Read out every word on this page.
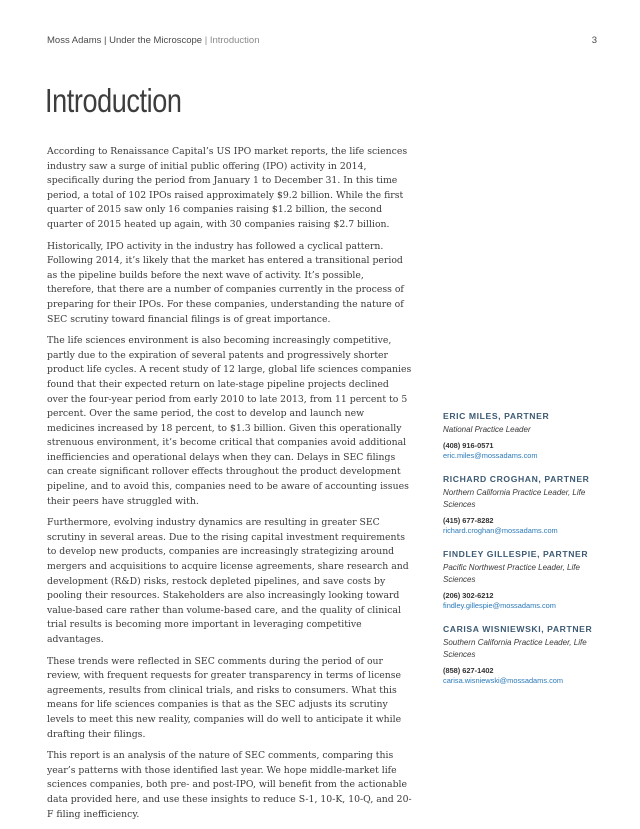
Moss Adams | Under the Microscope | Introduction	3
Introduction

According to Renaissance Capital’s US IPO market reports, the life sciences industry saw a surge of initial public offering (IPO) activity in 2014, specifically during the period from January 1 to December 31. In this time period, a total of 102 IPOs raised approximately $9.2 billion. While the first quarter of 2015 saw only 16 companies raising $1.2 billion, the second quarter of 2015 heated up again, with 30 companies raising $2.7 billion.

Historically, IPO activity in the industry has followed a cyclical pattern. Following 2014, it’s likely that the market has entered a transitional period as the pipeline builds before the next wave of activity. It’s possible, therefore, that there are a number of companies currently in the process of preparing for their IPOs. For these companies, understanding the nature of SEC scrutiny toward financial filings is of great importance.

The life sciences environment is also becoming increasingly competitive, partly due to the expiration of several patents and progressively shorter product life cycles. A recent study of 12 large, global life sciences companies found that their expected return on late-stage pipeline projects declined over the four-year period from early 2010 to late 2013, from 11 percent to 5 percent. Over the same period, the cost to develop and launch new medicines increased by 18 percent, to $1.3 billion. Given this operationally strenuous environment, it’s become critical that companies avoid additional inefficiencies and operational delays when they can. Delays in SEC filings can create significant rollover effects throughout the product development pipeline, and to avoid this, companies need to be aware of accounting issues their peers have struggled with.

Furthermore, evolving industry dynamics are resulting in greater SEC scrutiny in several areas. Due to the rising capital investment requirements to develop new products, companies are increasingly strategizing around mergers and acquisitions to acquire license agreements, share research and development (R&D) risks, restock depleted pipelines, and save costs by pooling their resources. Stakeholders are also increasingly looking toward value-based care rather than volume-based care, and the quality of clinical trial results is becoming more important in leveraging competitive advantages.

These trends were reflected in SEC comments during the period of our review, with frequent requests for greater transparency in terms of license agreements, results from clinical trials, and risks to consumers. What this means for life sciences companies is that as the SEC adjusts its scrutiny levels to meet this new reality, companies will do well to anticipate it while drafting their filings.

This report is an analysis of the nature of SEC comments, comparing this year’s patterns with those identified last year. We hope middle-market life sciences companies, both pre- and post-IPO, will benefit from the actionable data provided here, and use these insights to reduce S-1, 10-K, 10-Q, and 20-F filing inefficiency.

ERIC MILES, PARTNER
National Practice Leader
(408) 916-0571
eric.miles@mossadams.com
RICHARD CROGHAN, PARTNER
Northern California Practice Leader, Life Sciences
(415) 677-8282
richard.croghan@mossadams.com
FINDLEY GILLESPIE, PARTNER
Pacific Northwest Practice Leader, Life Sciences
(206) 302-6212
findley.gillespie@mossadams.com
CARISA WISNIEWSKI, PARTNER
Southern California Practice Leader, Life Sciences
(858) 627-1402
carisa.wisniewski@mossadams.com
